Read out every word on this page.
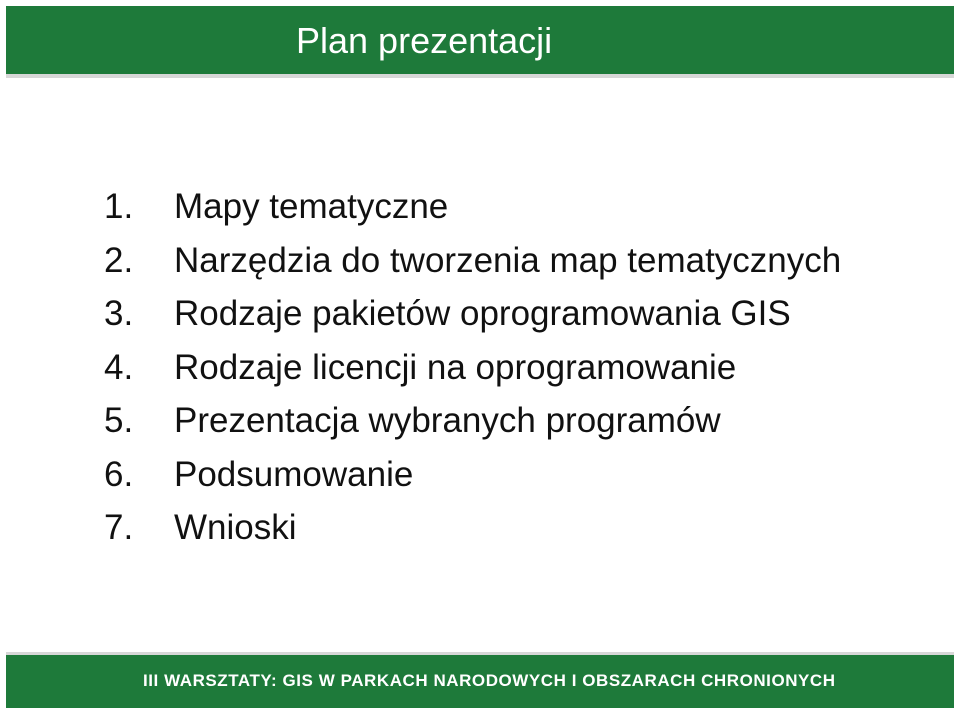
Plan prezentacji
1.	Mapy tematyczne
2.	Narzędzia do tworzenia map tematycznych
3.	Rodzaje pakietów oprogramowania GIS
4.	Rodzaje licencji na oprogramowanie
5.	Prezentacja wybranych programów
6.	Podsumowanie
7.	Wnioski
III WARSZTATY: GIS W PARKACH NARODOWYCH I OBSZARACH CHRONIONYCH
